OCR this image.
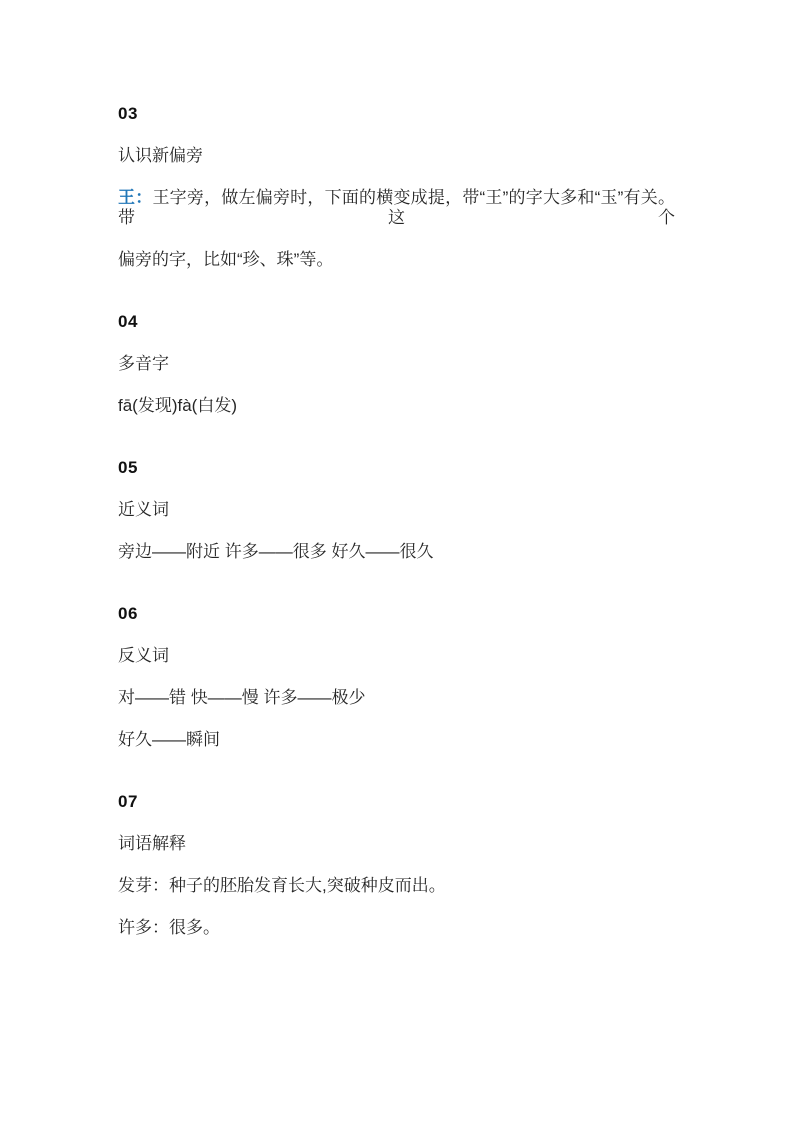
03
认识新偏旁
王：王字旁，做左偏旁时，下面的横变成提，带“王”的字大多和“玉”有关。带这个
偏旁的字，比如“珍、珠”等。
04
多音字
fā(发现)fà(白发)
05
近义词
旁边——附近 许多——很多 好久——很久
06
反义词
对——错 快——慢 许多——极少
好久——瞬间
07
词语解释
发芽：种子的胚胎发育长大,突破种皮而出。
许多：很多。
